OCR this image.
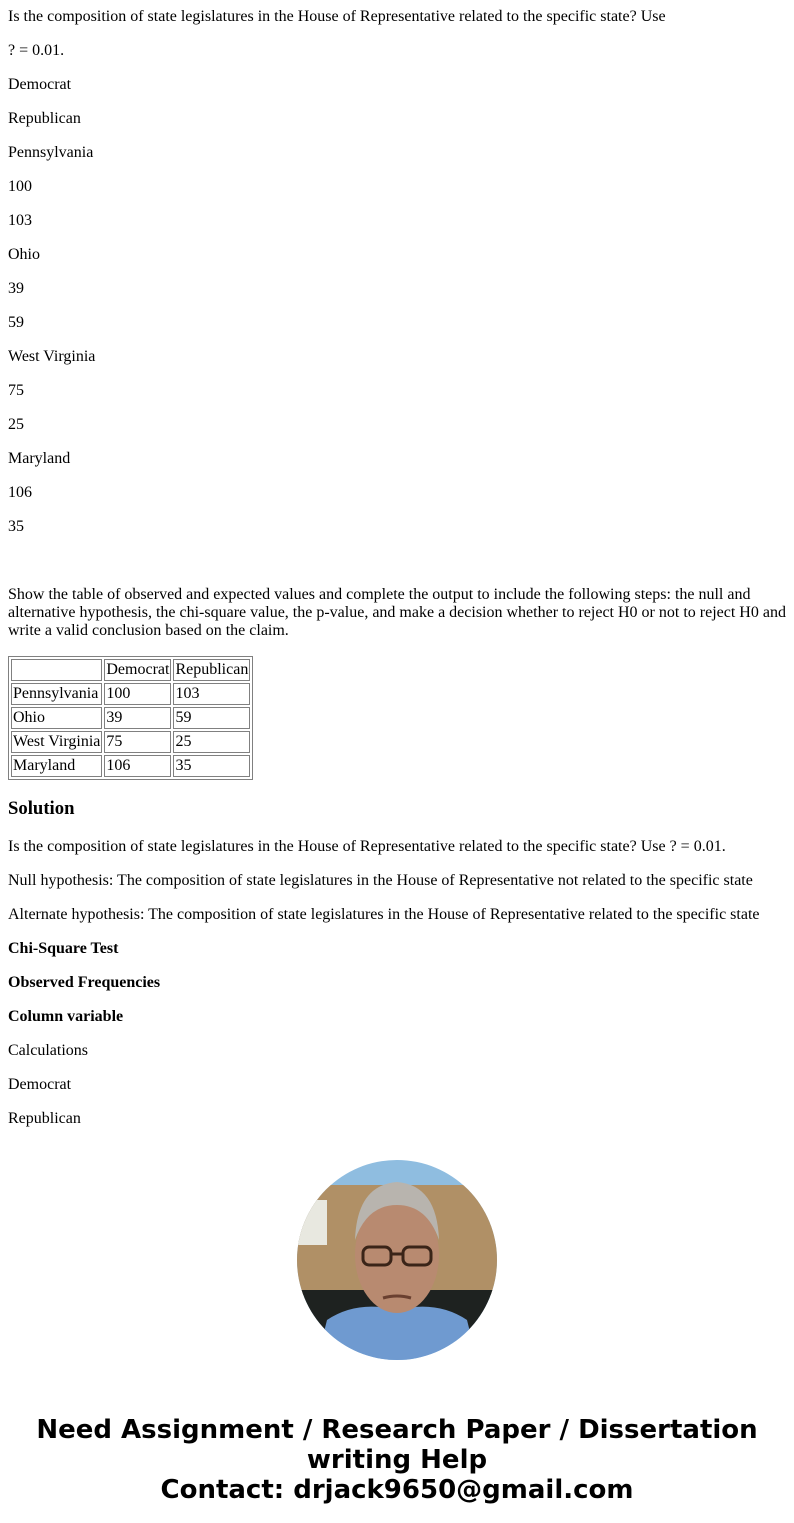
Is the composition of state legislatures in the House of Representative related to the specific state? Use

? = 0.01.

Democrat

Republican

Pennsylvania

100

103

Ohio

39

59

West Virginia

75

25

Maryland

106

35

Show the table of observed and expected values and complete the output to include the following steps: the null and alternative hypothesis, the chi-square value, the p-value, and make a decision whether to reject H0 or not to reject H0 and write a valid conclusion based on the claim.

	Democrat	Republican
Pennsylvania	100	103
Ohio	39	59
West Virginia	75	25
Maryland	106	35
Solution

Is the composition of state legislatures in the House of Representative related to the specific state? Use ? = 0.01.

Null hypothesis: The composition of state legislatures in the House of Representative not related to the specific state

Alternate hypothesis: The composition of state legislatures in the House of Representative related to the specific state

Chi-Square Test

Observed Frequencies

Column variable

Calculations

Democrat

Republican

Need Assignment / Research Paper / Dissertation writing Help
Contact: drjack9650@gmail.com
